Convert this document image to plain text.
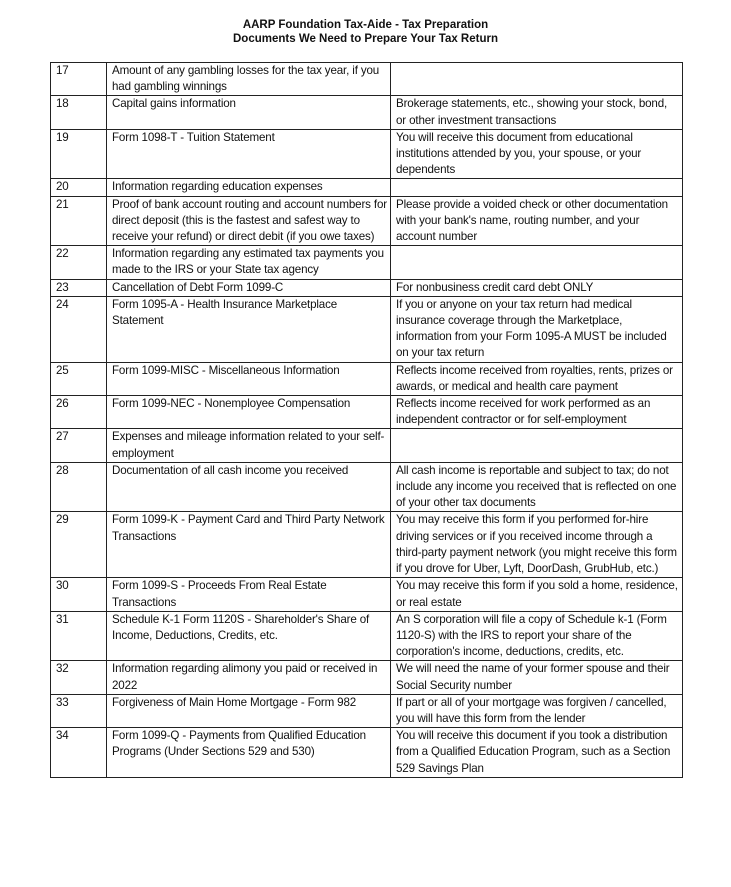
AARP Foundation Tax-Aide - Tax Preparation
Documents We Need to Prepare Your Tax Return
17	Amount of any gambling losses for the tax year, if you had gambling winnings	
18	Capital gains information	Brokerage statements, etc., showing your stock, bond, or other investment transactions
19	Form 1098-T - Tuition Statement	You will receive this document from educational institutions attended by you, your spouse, or your dependents
20	Information regarding education expenses	
21	Proof of bank account routing and account numbers for direct deposit (this is the fastest and safest way to receive your refund) or direct debit (if you owe taxes)	Please provide a voided check or other documentation with your bank's name, routing number, and your account number
22	Information regarding any estimated tax payments you made to the IRS or your State tax agency	
23	Cancellation of Debt Form 1099-C	For nonbusiness credit card debt ONLY
24	Form 1095-A - Health Insurance Marketplace Statement	If you or anyone on your tax return had medical insurance coverage through the Marketplace, information from your Form 1095-A MUST be included on your tax return
25	Form 1099-MISC - Miscellaneous Information	Reflects income received from royalties, rents, prizes or awards, or medical and health care payment
26	Form 1099-NEC - Nonemployee Compensation	Reflects income received for work performed as an independent contractor or for self-employment
27	Expenses and mileage information related to your self-employment	
28	Documentation of all cash income you received	All cash income is reportable and subject to tax; do not include any income you received that is reflected on one of your other tax documents
29	Form 1099-K - Payment Card and Third Party Network Transactions	You may receive this form if you performed for-hire driving services or if you received income through a third-party payment network (you might receive this form if you drove for Uber, Lyft, DoorDash, GrubHub, etc.)
30	Form 1099-S - Proceeds From Real Estate Transactions	You may receive this form if you sold a home, residence, or real estate
31	Schedule K-1 Form 1120S - Shareholder's Share of Income, Deductions, Credits, etc.	An S corporation will file a copy of Schedule k-1 (Form 1120-S) with the IRS to report your share of the corporation's income, deductions, credits, etc.
32	Information regarding alimony you paid or received in 2022	We will need the name of your former spouse and their Social Security number
33	Forgiveness of Main Home Mortgage - Form 982	If part or all of your mortgage was forgiven / cancelled, you will have this form from the lender
34	Form 1099-Q - Payments from Qualified Education Programs (Under Sections 529 and 530)	You will receive this document if you took a distribution from a Qualified Education Program, such as a Section 529 Savings Plan
